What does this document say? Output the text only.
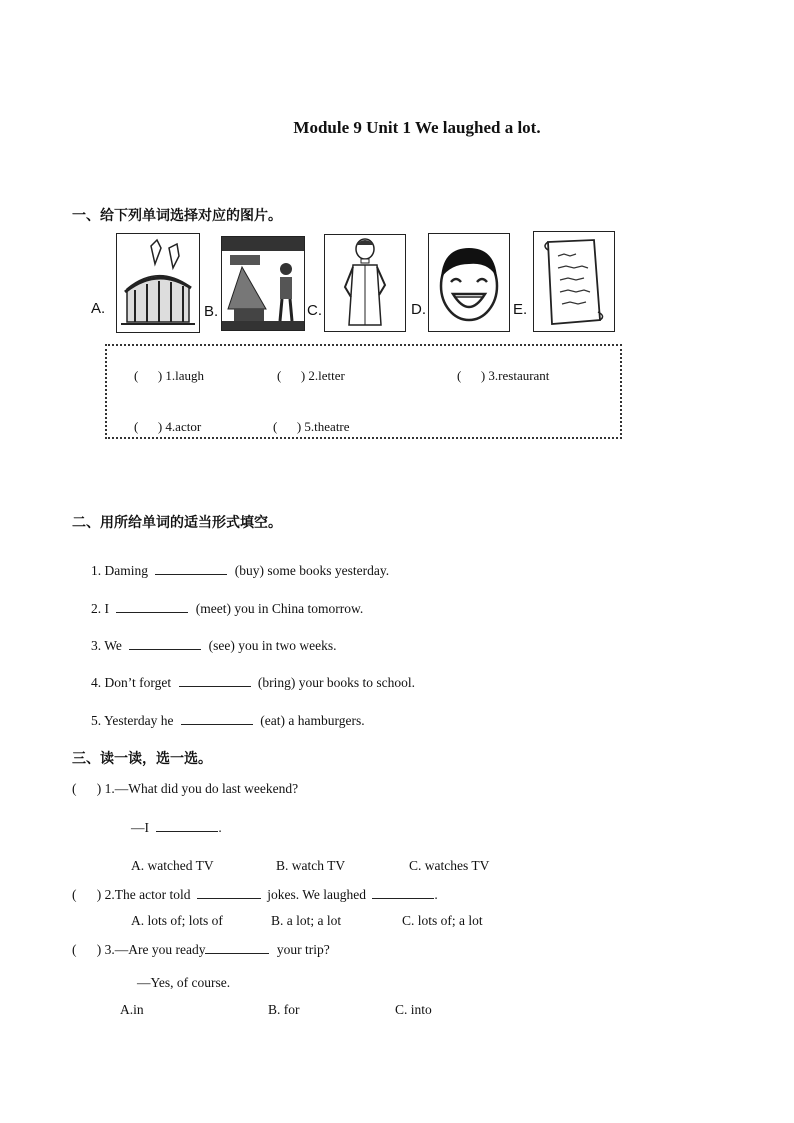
Module 9 Unit 1 We laughed a lot.
一、给下列单词选择对应的图片。
A.	B.	C.	D.	E.
(      ) 1.laugh	(      ) 2.letter	(      ) 3.restaurant
(      ) 4.actor	(      ) 5.theatre
二、用所给单词的适当形式填空。
1. Daming	(buy) some books yesterday.
2. I	(meet) you in China tomorrow.
3. We	(see) you in two weeks.
4. Don’t forget	(bring) your books to school.
5. Yesterday he	(eat) a hamburgers.
三、读一读，选一选。
(      ) 1.—What did you do last weekend?
—I	.
A. watched TV	B. watch TV	C. watches TV
(      ) 2.The actor told	jokes. We laughed	.
A. lots of; lots of	B. a lot; a lot	C. lots of; a lot
(      ) 3.—Are you ready	your trip?
—Yes, of course.
A.in	B. for	C. into
